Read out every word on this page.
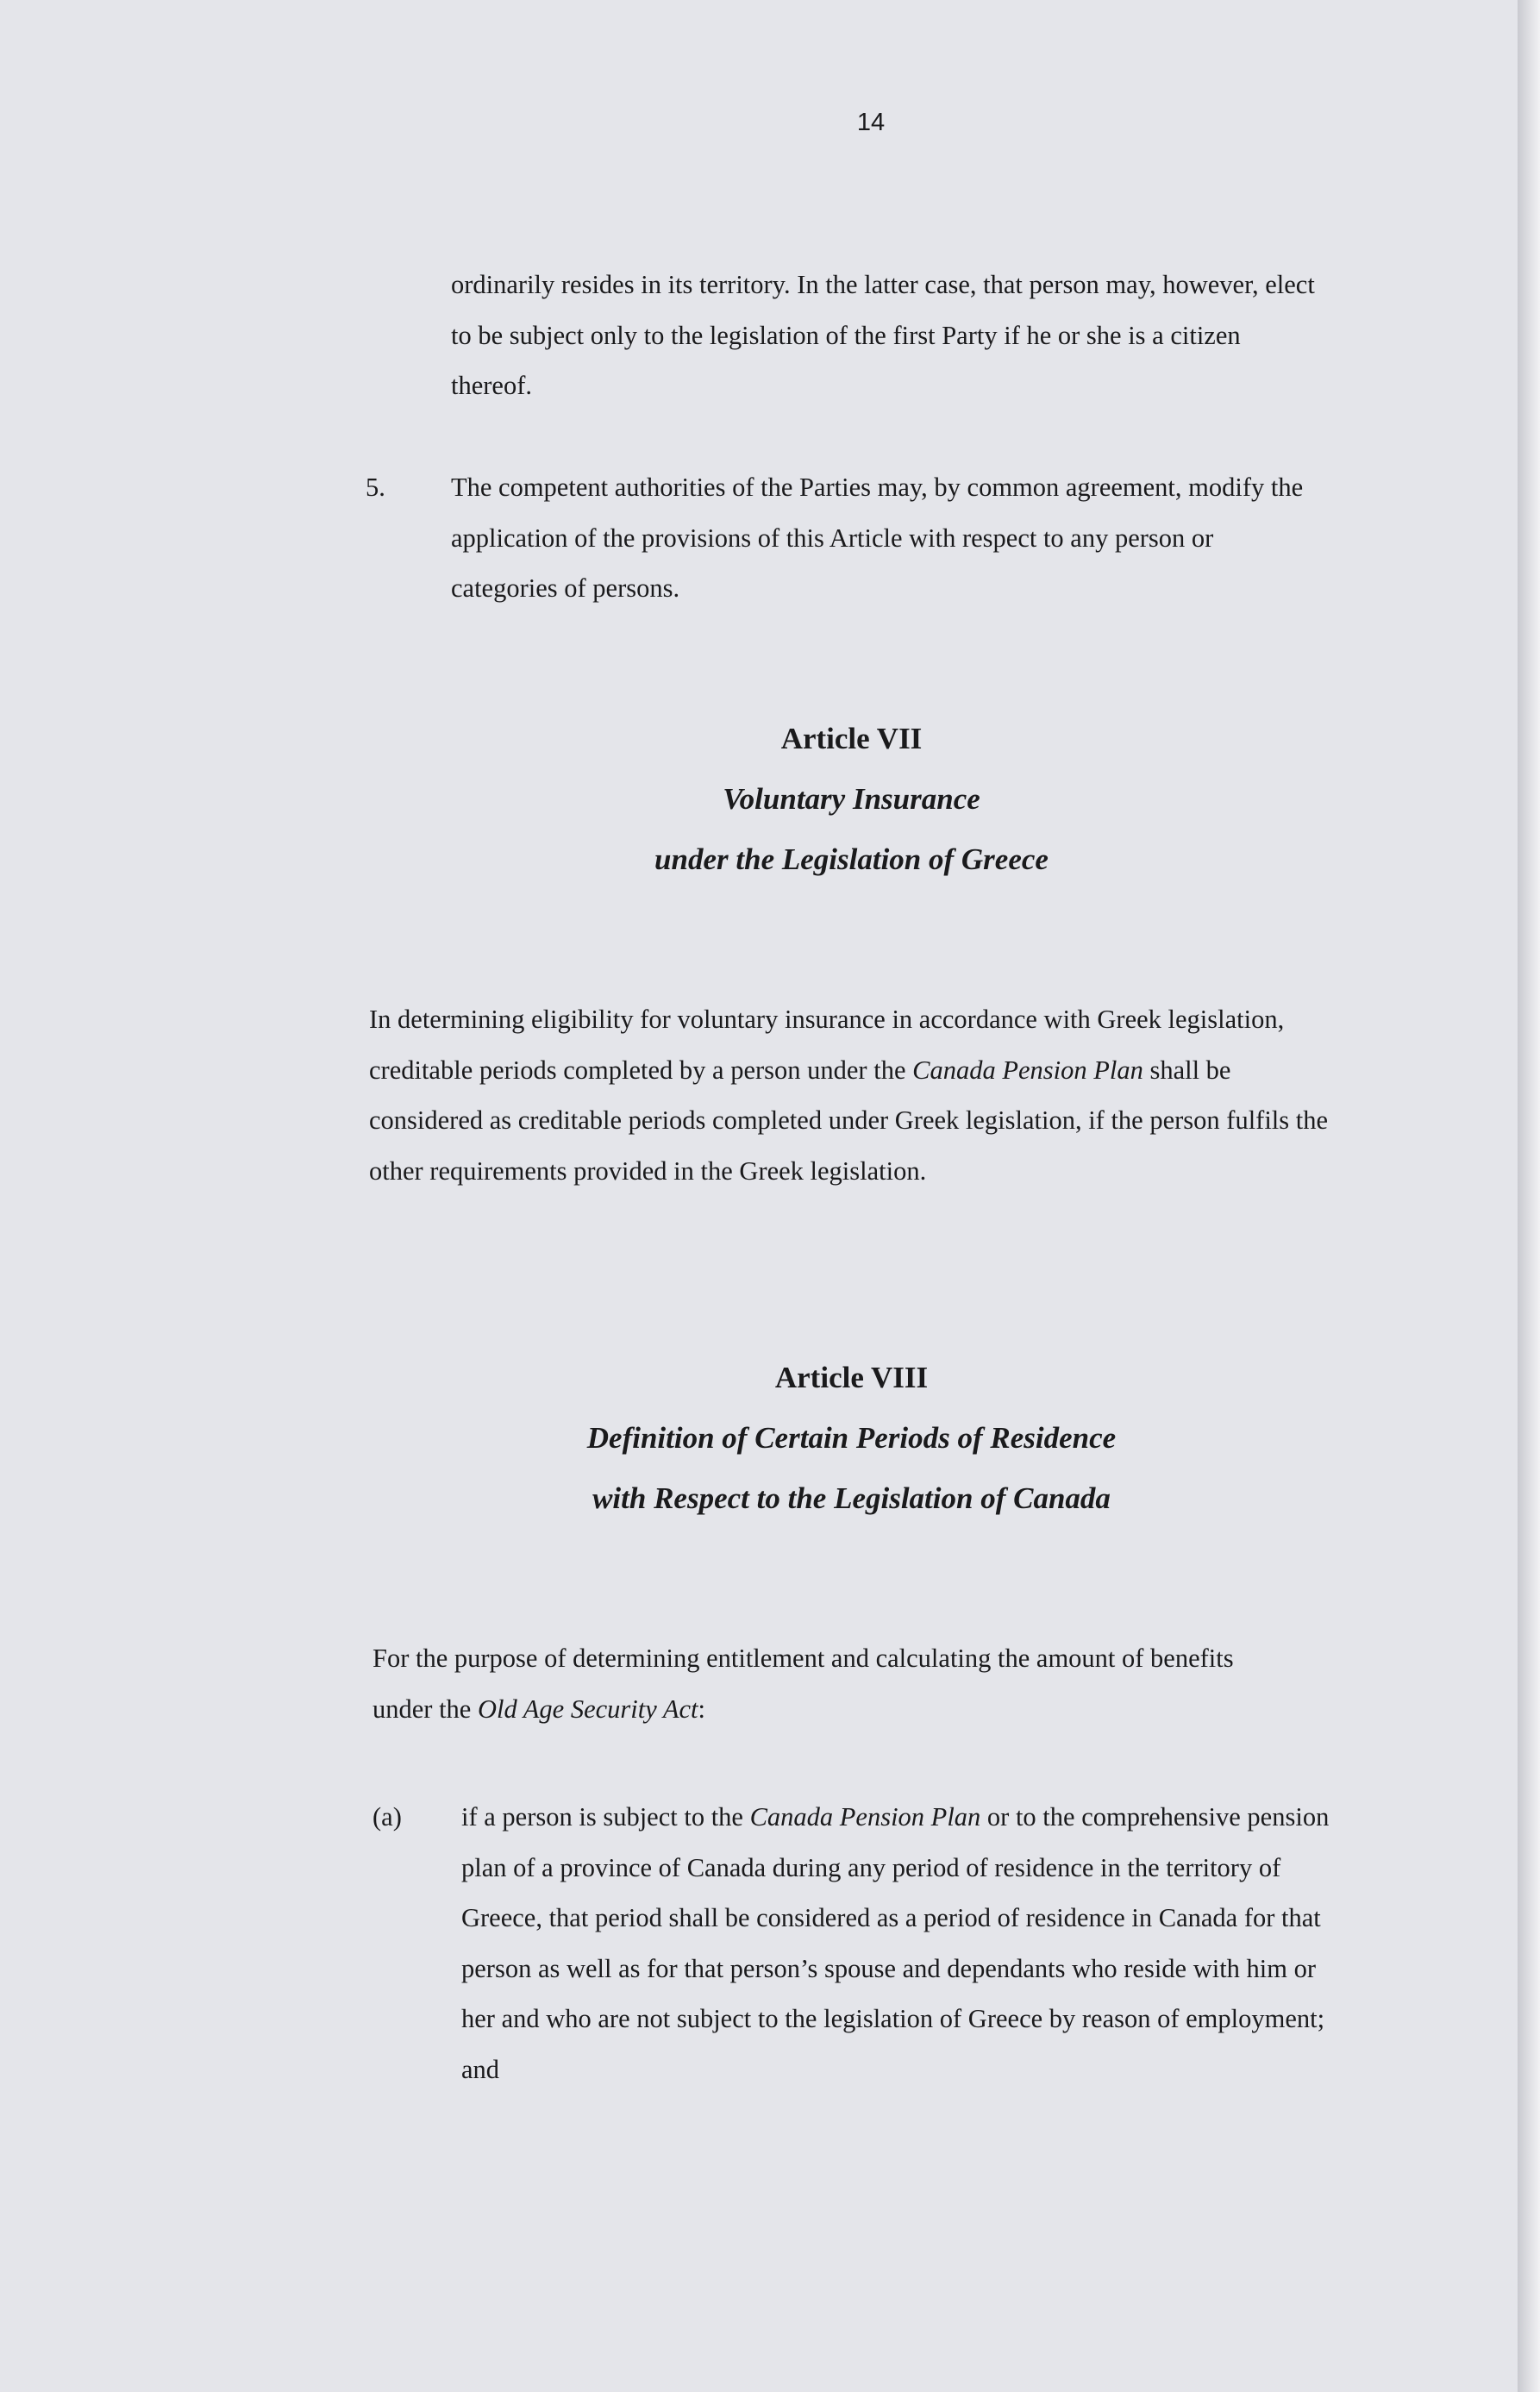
14

ordinarily resides in its territory. In the latter case, that person may, however, elect to be subject only to the legislation of the first Party if he or she is a citizen thereof.

5. The competent authorities of the Parties may, by common agreement, modify the application of the provisions of this Article with respect to any person or categories of persons.

Article VII
Voluntary Insurance
under the Legislation of Greece

In determining eligibility for voluntary insurance in accordance with Greek legislation, creditable periods completed by a person under the Canada Pension Plan shall be considered as creditable periods completed under Greek legislation, if the person fulfils the other requirements provided in the Greek legislation.

Article VIII
Definition of Certain Periods of Residence
with Respect to the Legislation of Canada

For the purpose of determining entitlement and calculating the amount of benefits under the Old Age Security Act:

(a) if a person is subject to the Canada Pension Plan or to the comprehensive pension plan of a province of Canada during any period of residence in the territory of Greece, that period shall be considered as a period of residence in Canada for that person as well as for that person’s spouse and dependants who reside with him or her and who are not subject to the legislation of Greece by reason of employment; and
